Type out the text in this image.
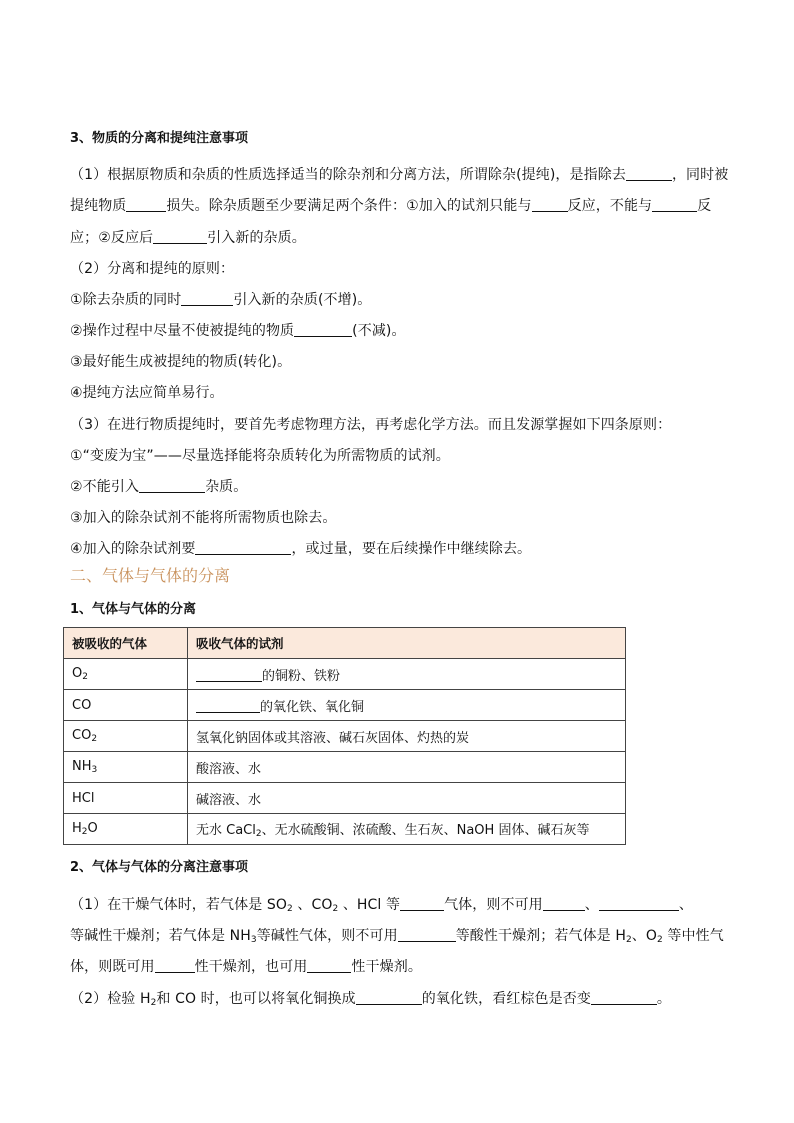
3、物质的分离和提纯注意事项
（1）根据原物质和杂质的性质选择适当的除杂剂和分离方法，所谓除杂(提纯)，是指除去	，同时被
提纯物质	损失。除杂质题至少要满足两个条件：①加入的试剂只能与	反应，不能与	反
应；②反应后	引入新的杂质。
（2）分离和提纯的原则：
①除去杂质的同时	引入新的杂质(不增)。
②操作过程中尽量不使被提纯的物质	(不减)。
③最好能生成被提纯的物质(转化)。
④提纯方法应简单易行。
（3）在进行物质提纯时，要首先考虑物理方法，再考虑化学方法。而且发源掌握如下四条原则：
①“变废为宝”——尽量选择能将杂质转化为所需物质的试剂。
②不能引入	杂质。
③加入的除杂试剂不能将所需物质也除去。
④加入的除杂试剂要	，或过量，要在后续操作中继续除去。
二、气体与气体的分离
1、气体与气体的分离
被吸收的气体	吸收气体的试剂
$O_2$	的铜粉、铁粉
CO	的氧化铁、氧化铜
$CO_2$	氢氧化钠固体或其溶液、碱石灰固体、灼热的炭
$NH_3$	酸溶液、水
HCl	碱溶液、水
$H_2O$	无水 CaCl$_2$、无水硫酸铜、浓硫酸、生石灰、NaOH 固体、碱石灰等
2、气体与气体的分离注意事项
（1）在干燥气体时，若气体是 $SO_2$ 、$CO_2$ 、HCl 等	气体，则不可用	、	、
等碱性干燥剂；若气体是 $NH_3$等碱性气体，则不可用	等酸性干燥剂；若气体是 $H_2$、$O_2$ 等中性气
体，则既可用	性干燥剂，也可用	性干燥剂。
（2）检验 $H_2$和 CO 时，也可以将氧化铜换成	的氧化铁，看红棕色是否变	。
